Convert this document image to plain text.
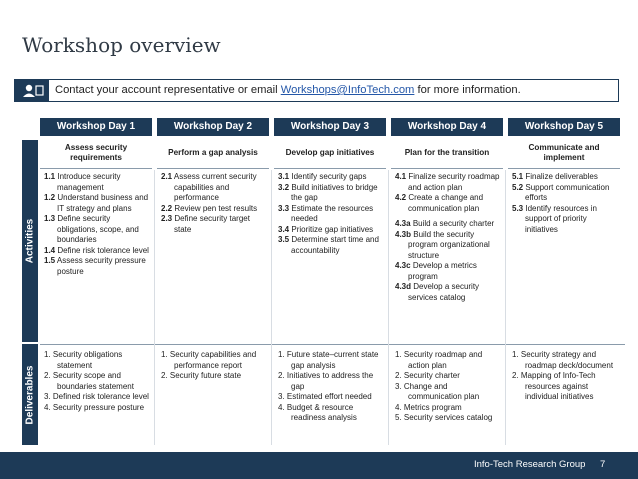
Workshop overview
Contact your account representative or email Workshops@InfoTech.com for more information.
Activities
Deliverables
Workshop Day 1
Assess security requirements
1.1 Introduce security management
1.2 Understand business and IT strategy and plans
1.3 Define security obligations, scope, and boundaries
1.4 Define risk tolerance level
1.5 Assess security pressure posture
1. Security obligations statement
2. Security scope and boundaries statement
3. Defined risk tolerance level
4. Security pressure posture
Workshop Day 2
Perform a gap analysis
2.1 Assess current security capabilities and performance
2.2 Review pen test results
2.3 Define security target state
1. Security capabilities and performance report
2. Security future state
Workshop Day 3
Develop gap initiatives
3.1 Identify security gaps
3.2 Build initiatives to bridge the gap
3.3 Estimate the resources needed
3.4 Prioritize gap initiatives
3.5 Determine start time and accountability
1. Future state–current state gap analysis
2. Initiatives to address the gap
3. Estimated effort needed
4. Budget & resource readiness analysis
Workshop Day 4
Plan for the transition
4.1 Finalize security roadmap and action plan
4.2 Create a change and communication plan
4.3a Build a security charter
4.3b Build the security program organizational structure
4.3c Develop a metrics program
4.3d Develop a security services catalog
1. Security roadmap and action plan
2. Security charter
3. Change and communication plan
4. Metrics program
5. Security services catalog
Workshop Day 5
Communicate and implement
5.1 Finalize deliverables
5.2 Support communication efforts
5.3 Identify resources in support of priority initiatives
1. Security strategy and roadmap deck/document
2. Mapping of Info-Tech resources against individual initiatives
Info-Tech Research Group 7
